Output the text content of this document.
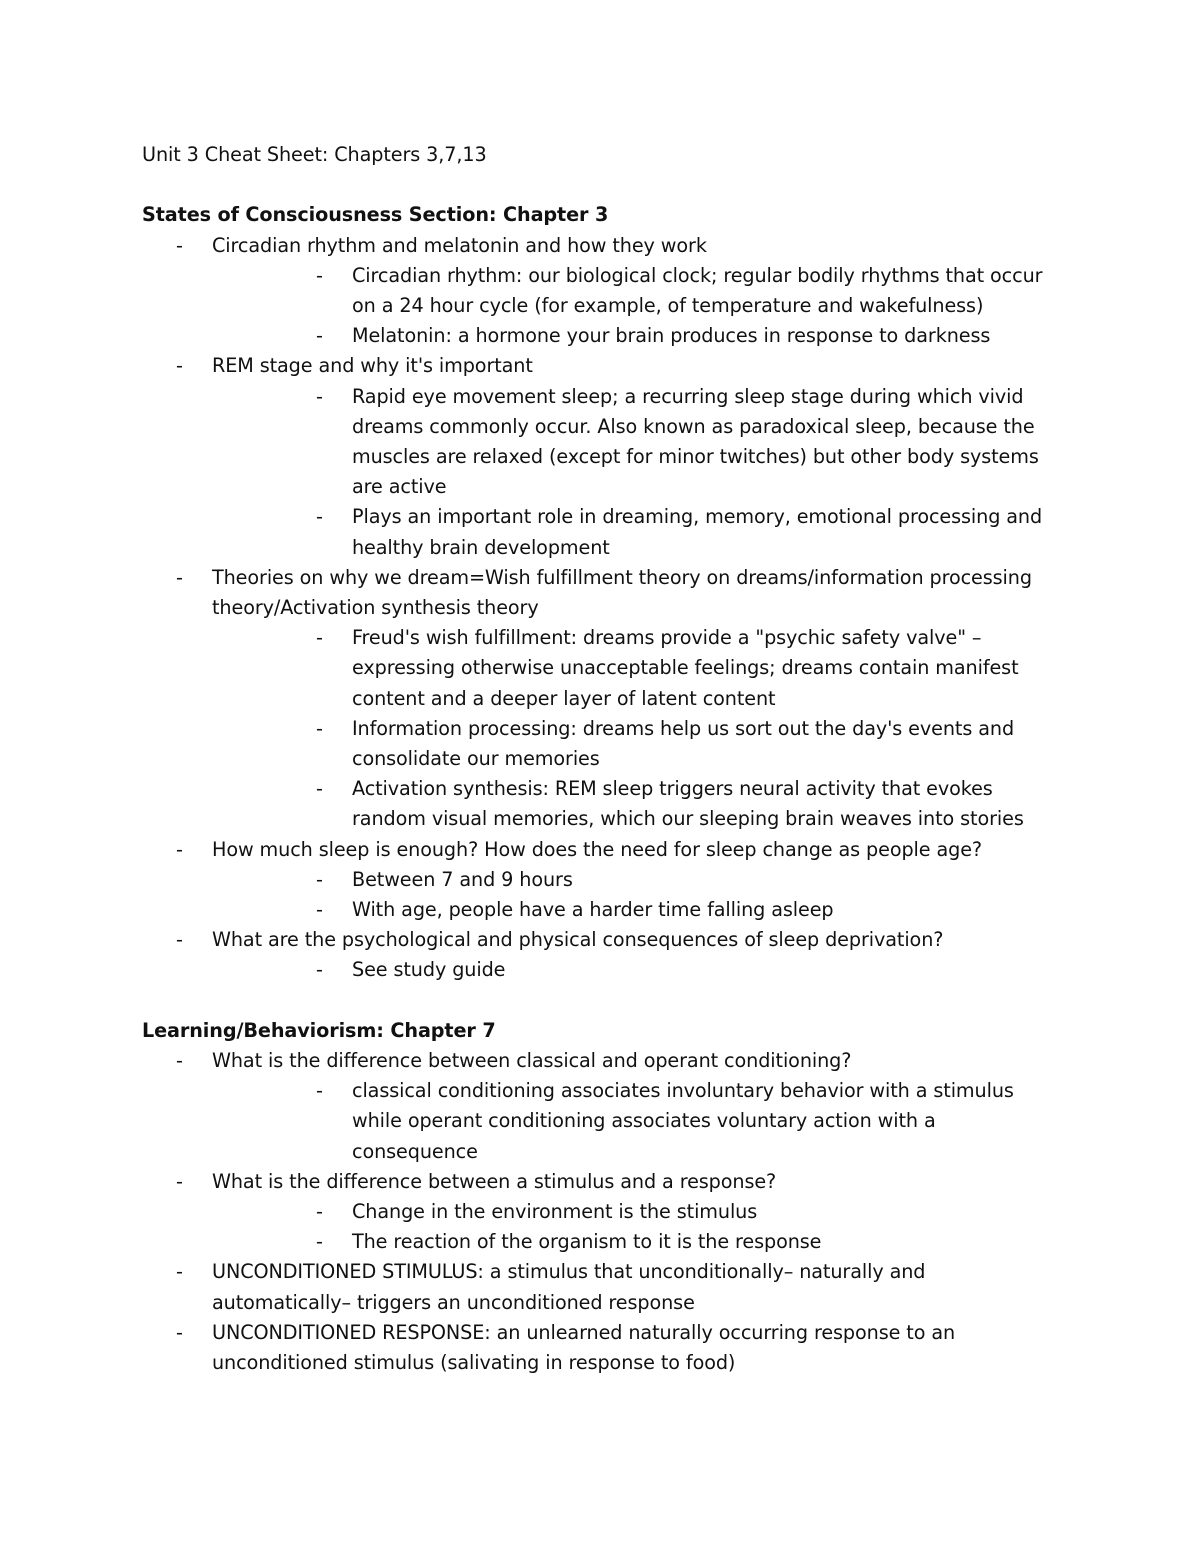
Unit 3 Cheat Sheet: Chapters 3,7,13

States of Consciousness Section: Chapter 3
- Circadian rhythm and melatonin and how they work
- Circadian rhythm: our biological clock; regular bodily rhythms that occur on a 24 hour cycle (for example, of temperature and wakefulness)
- Melatonin: a hormone your brain produces in response to darkness
- REM stage and why it's important
- Rapid eye movement sleep; a recurring sleep stage during which vivid dreams commonly occur. Also known as paradoxical sleep, because the muscles are relaxed (except for minor twitches) but other body systems are active
- Plays an important role in dreaming, memory, emotional processing and healthy brain development
- Theories on why we dream=Wish fulfillment theory on dreams/information processing theory/Activation synthesis theory
- Freud's wish fulfillment: dreams provide a "psychic safety valve" – expressing otherwise unacceptable feelings; dreams contain manifest content and a deeper layer of latent content
- Information processing: dreams help us sort out the day's events and consolidate our memories
- Activation synthesis: REM sleep triggers neural activity that evokes random visual memories, which our sleeping brain weaves into stories
- How much sleep is enough? How does the need for sleep change as people age?
- Between 7 and 9 hours
- With age, people have a harder time falling asleep
- What are the psychological and physical consequences of sleep deprivation?
- See study guide
Learning/Behaviorism: Chapter 7
- What is the difference between classical and operant conditioning?
- classical conditioning associates involuntary behavior with a stimulus while operant conditioning associates voluntary action with a consequence
- What is the difference between a stimulus and a response?
- Change in the environment is the stimulus
- The reaction of the organism to it is the response
- UNCONDITIONED STIMULUS: a stimulus that unconditionally– naturally and automatically– triggers an unconditioned response
- UNCONDITIONED RESPONSE: an unlearned naturally occurring response to an unconditioned stimulus (salivating in response to food)
